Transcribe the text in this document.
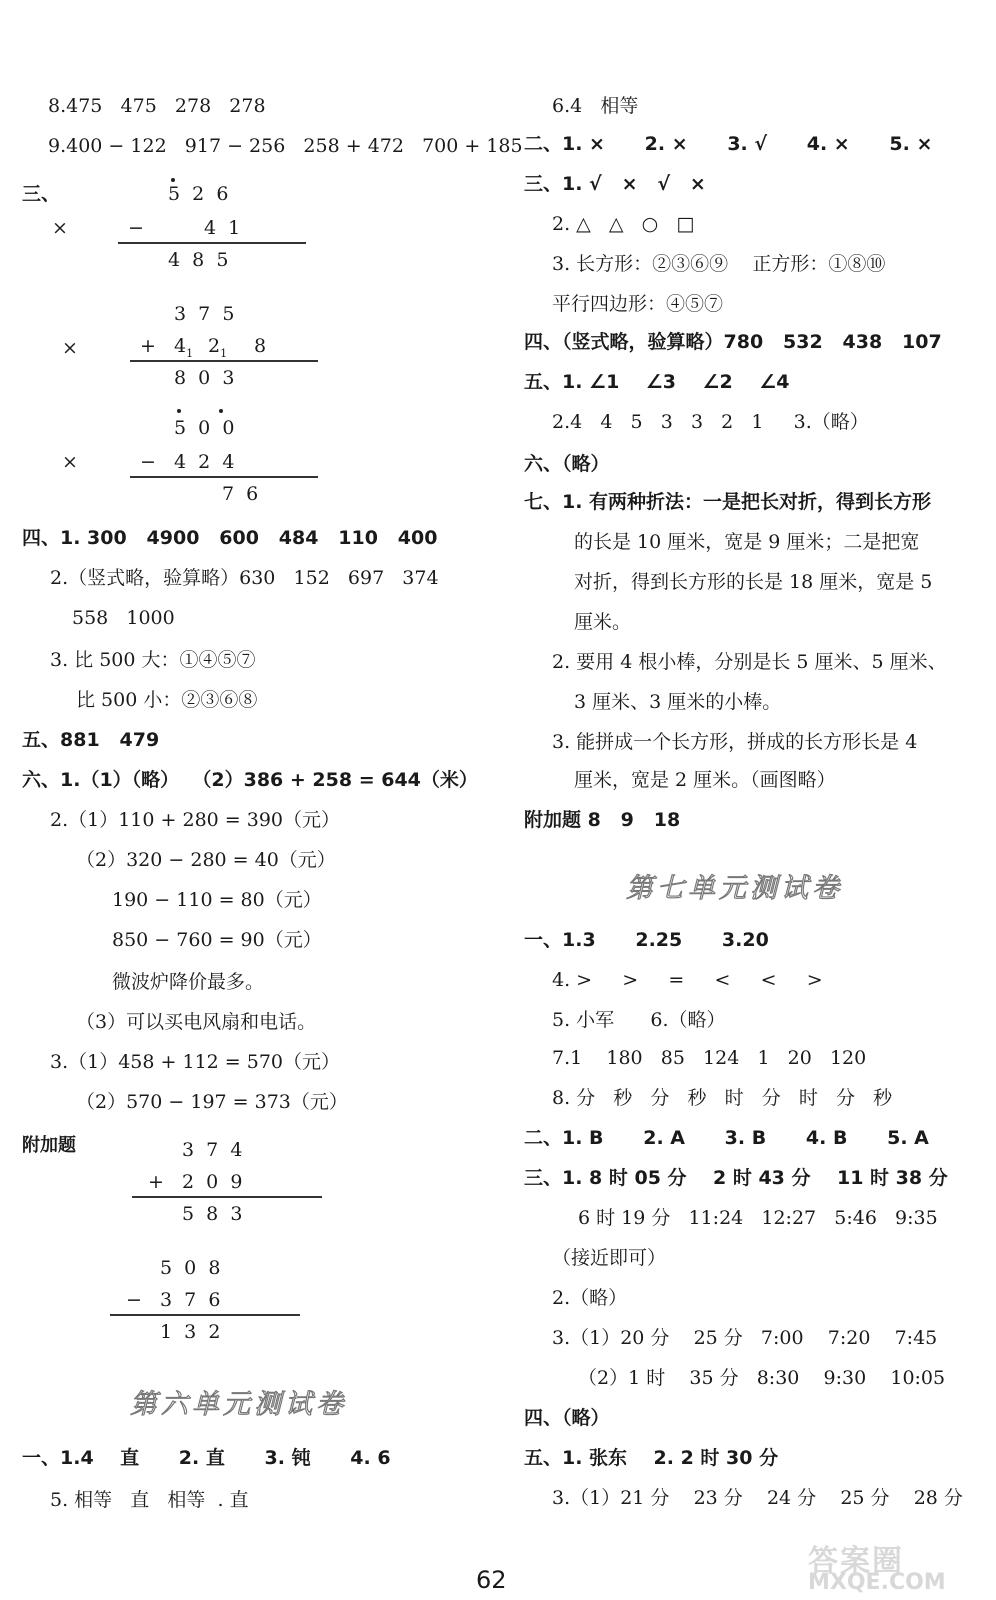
8.475   475   278   278
9.400 − 122   917 − 256   258 + 472   700 + 185
三、
×
5  2  6
−	4  1
4  8  5
×
3  7  5
+ $4_1$ $2_1$ 8
8  0  3
×
5  0  0
− 4  2  4
7  6
四、1. 300   4900   600   484   110   400
2.（竖式略，验算略）630   152   697   374
558   1000
3. 比 500 大：①④⑤⑦
比 500 小：②③⑥⑧
五、881   479
六、1.（1）（略）  （2）386 + 258 = 644（米）
2.（1）110 + 280 = 390（元）
（2）320 − 280 = 40（元）
190 − 110 = 80（元）
850 − 760 = 90（元）
微波炉降价最多。
（3）可以买电风扇和电话。
3.（1）458 + 112 = 570（元）
（2）570 − 197 = 373（元）
附加题	3  7  4
+ 2  0  9
5  8  3
5  0  8
− 3  7  6
1  3  2
第六单元测试卷
一、1.4    直      2. 直      3. 钝      4. 6
5. 相等   直   相等  . 直
6.4   相等
二、1. ×      2. ×      3. √      4. ×      5. ×
三、1. √   ×   √   ×
2. △   △   ○   □
3. 长方形：②③⑥⑨    正方形：①⑧⑩
平行四边形：④⑤⑦
四、（竖式略，验算略）780   532   438   107
五、1. ∠1    ∠3    ∠2    ∠4
2.4   4   5   3   3   2   1     3.（略）
六、（略）
七、1. 有两种折法：一是把长对折，得到长方形
的长是 10 厘米，宽是 9 厘米；二是把宽
对折，得到长方形的长是 18 厘米，宽是 5
厘米。
2. 要用 4 根小棒，分别是长 5 厘米、5 厘米、
3 厘米、3 厘米的小棒。
3. 能拼成一个长方形，拼成的长方形长是 4
厘米，宽是 2 厘米。（画图略）
附加题 8   9   18
第七单元测试卷
一、1.3      2.25      3.20
4. >     >     =     <     <     >
5. 小军      6.（略）
7.1    180   85   124   1   20   120
8. 分   秒   分   秒   时   分   时   分   秒
二、1. B      2. A      3. B      4. B      5. A
三、1. 8 时 05 分    2 时 43 分    11 时 38 分
6 时 19 分   11:24   12:27   5:46   9:35
（接近即可）
2.（略）
3.（1）20 分    25 分   7:00    7:20    7:45
（2）1 时    35 分   8:30    9:30    10:05
四、（略）
五、1. 张东    2. 2 时 30 分
3.（1）21 分    23 分    24 分    25 分    28 分
62
答案圈
MXQE.COM
